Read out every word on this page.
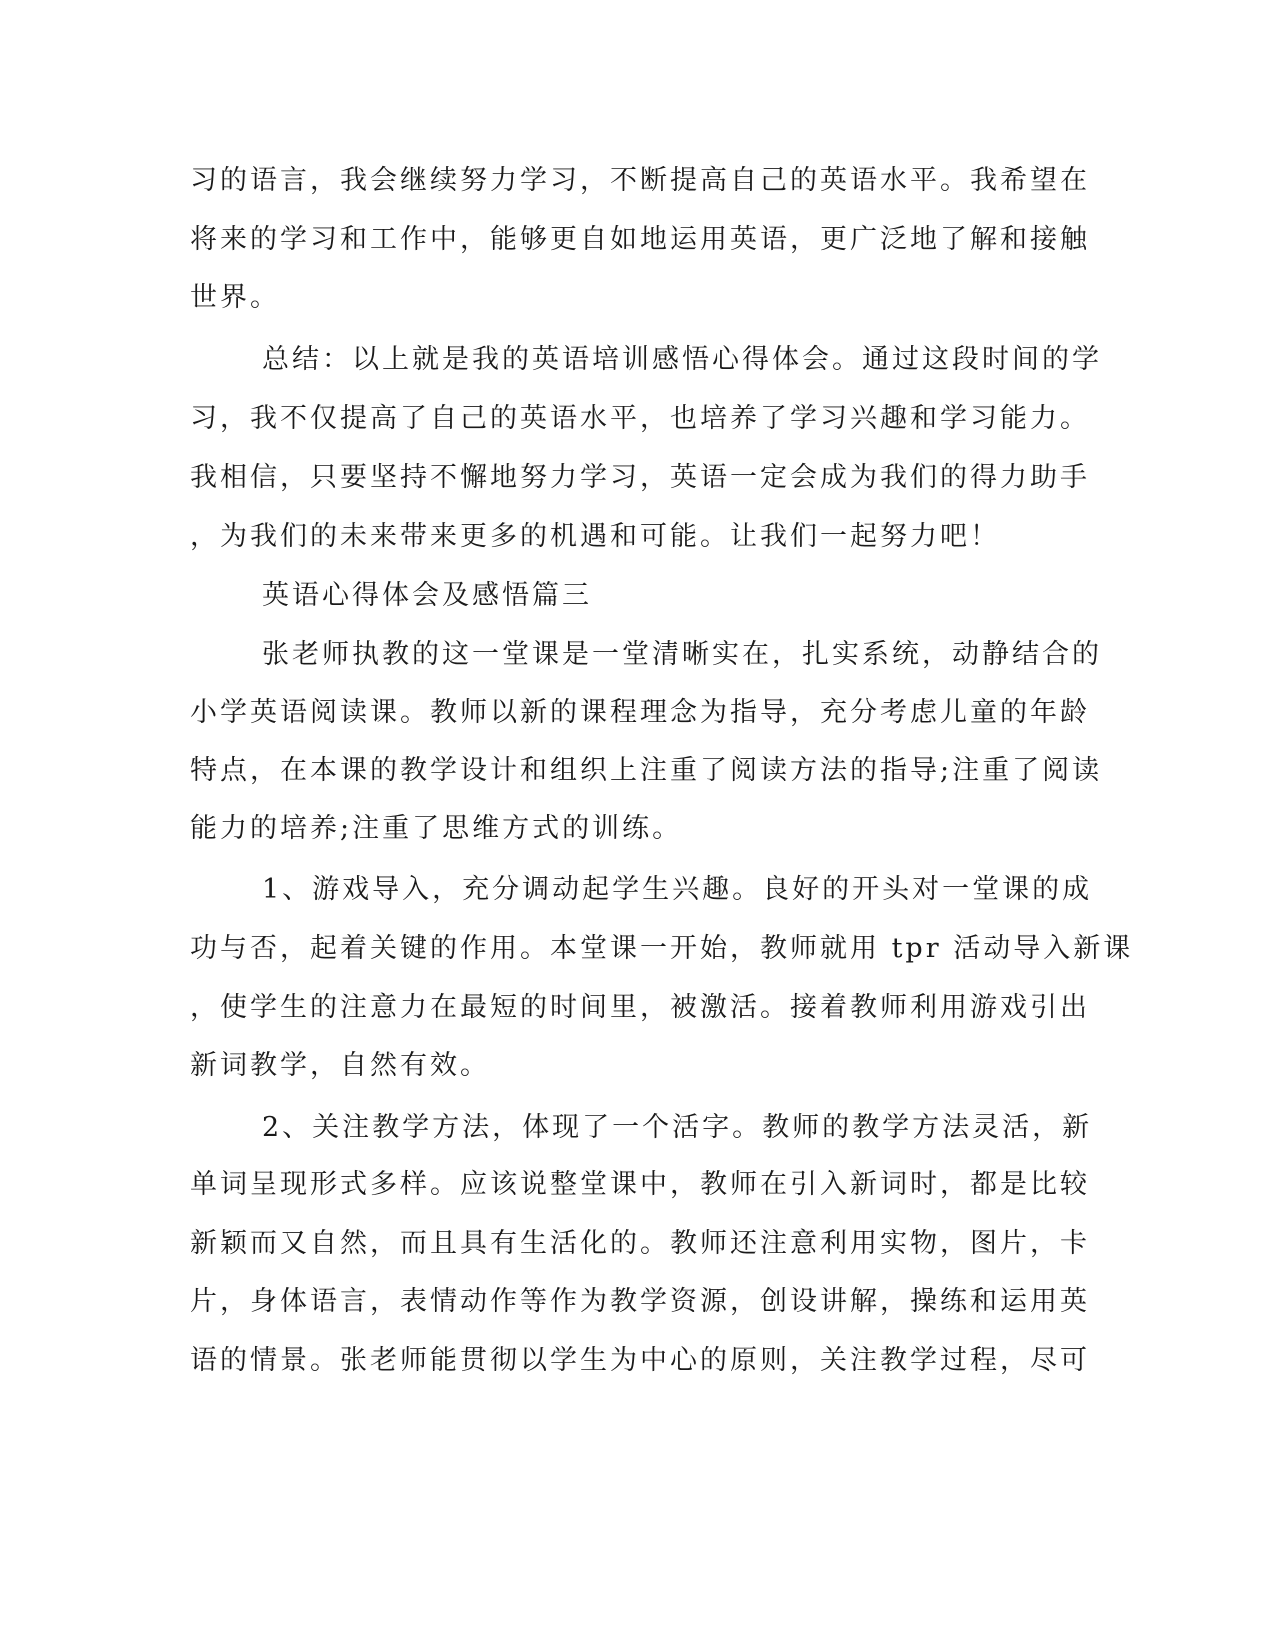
习的语言，我会继续努力学习，不断提高自己的英语水平。我希望在
将来的学习和工作中，能够更自如地运用英语，更广泛地了解和接触
世界。
总结：以上就是我的英语培训感悟心得体会。通过这段时间的学
习，我不仅提高了自己的英语水平，也培养了学习兴趣和学习能力。
我相信，只要坚持不懈地努力学习，英语一定会成为我们的得力助手
，为我们的未来带来更多的机遇和可能。让我们一起努力吧！
英语心得体会及感悟篇三
张老师执教的这一堂课是一堂清晰实在，扎实系统，动静结合的
小学英语阅读课。教师以新的课程理念为指导，充分考虑儿童的年龄
特点，在本课的教学设计和组织上注重了阅读方法的指导;注重了阅读
能力的培养;注重了思维方式的训练。
1、游戏导入，充分调动起学生兴趣。良好的开头对一堂课的成
功与否，起着关键的作用。本堂课一开始，教师就用 tpr 活动导入新课
，使学生的注意力在最短的时间里，被激活。接着教师利用游戏引出
新词教学，自然有效。
2、关注教学方法，体现了一个活字。教师的教学方法灵活，新
单词呈现形式多样。应该说整堂课中，教师在引入新词时，都是比较
新颖而又自然，而且具有生活化的。教师还注意利用实物，图片，卡
片，身体语言，表情动作等作为教学资源，创设讲解，操练和运用英
语的情景。张老师能贯彻以学生为中心的原则，关注教学过程，尽可
